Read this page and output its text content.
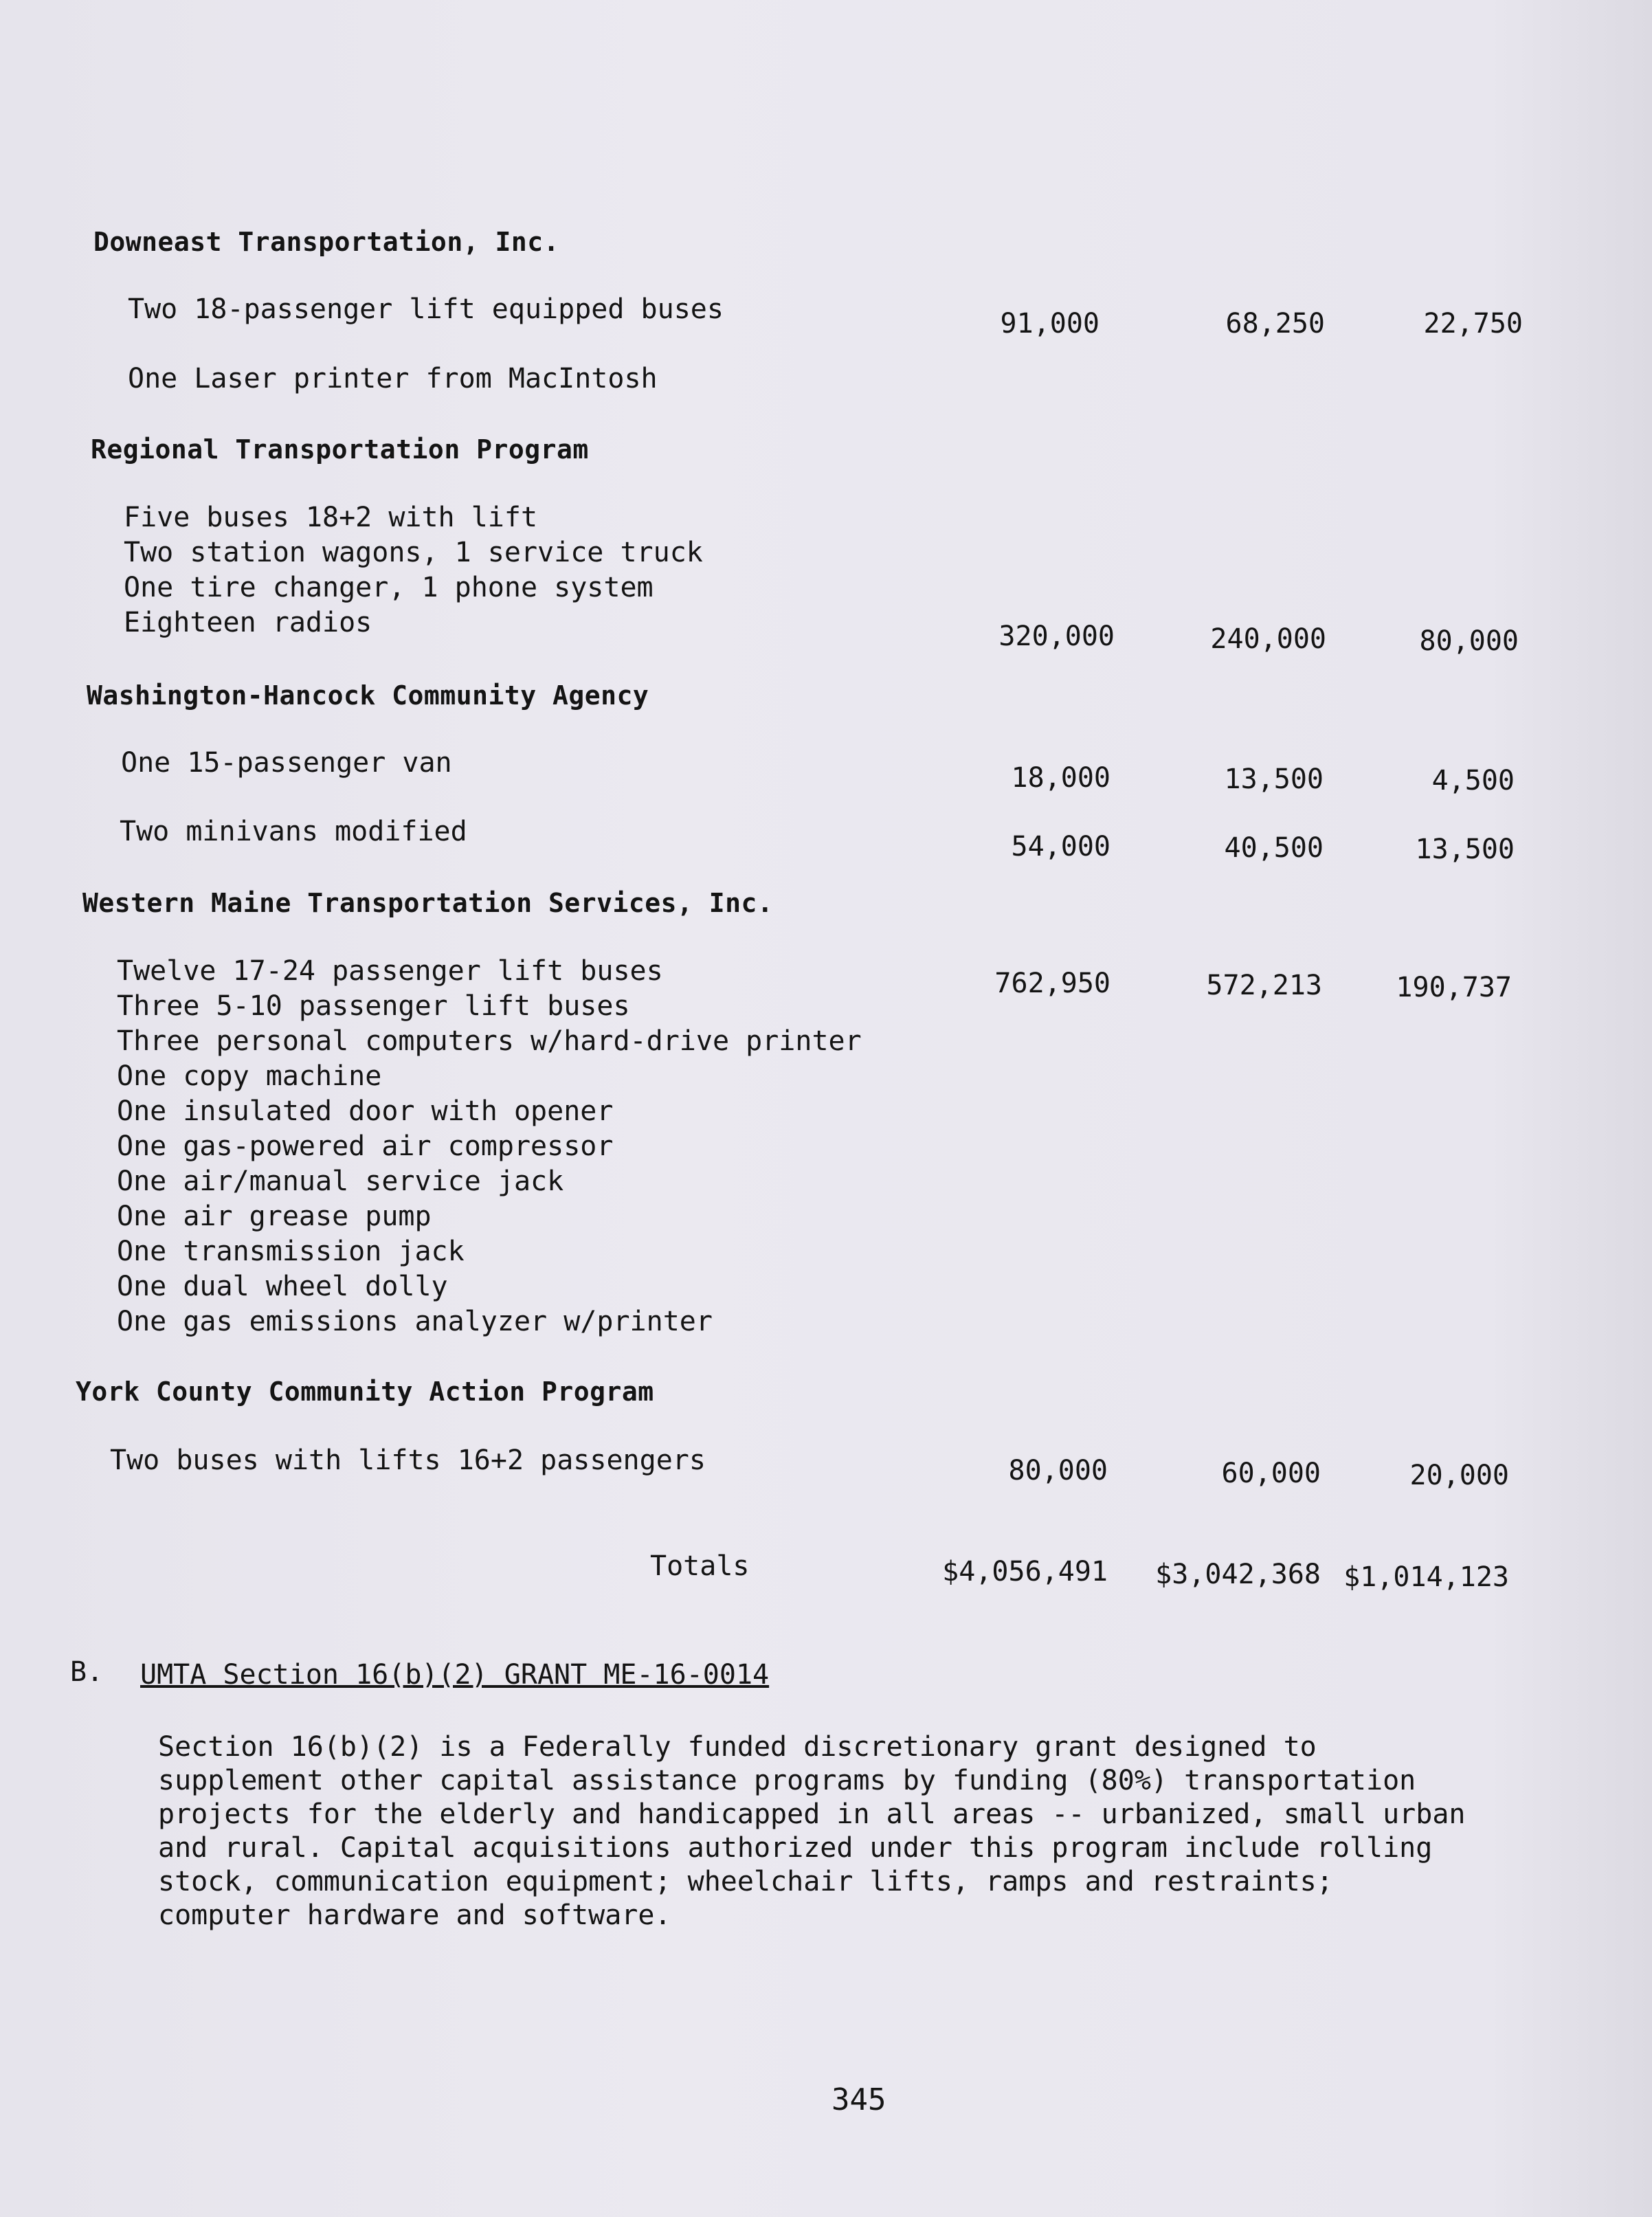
Downeast Transportation, Inc.
Two 18-passenger lift equipped buses	91,000	68,250	22,750
One Laser printer from MacIntosh
Regional Transportation Program
Five buses 18+2 with lift
Two station wagons, 1 service truck
One tire changer, 1 phone system
Eighteen radios	320,000	240,000	80,000
Washington-Hancock Community Agency
One 15-passenger van	18,000	13,500	4,500
Two minivans modified	54,000	40,500	13,500
Western Maine Transportation Services, Inc.
Twelve 17-24 passenger lift buses
Three 5-10 passenger lift buses
Three personal computers w/hard-drive printer
One copy machine
One insulated door with opener
One gas-powered air compressor
One air/manual service jack
One air grease pump
One transmission jack
One dual wheel dolly
One gas emissions analyzer w/printer
762,950	572,213	190,737
York County Community Action Program
Two buses with lifts 16+2 passengers	80,000	60,000	20,000
Totals	$4,056,491	$3,042,368 $1,014,123
B. UMTA Section 16(b)(2) GRANT ME-16-0014
Section 16(b)(2) is a Federally funded discretionary grant designed to
supplement other capital assistance programs by funding (80%) transportation
projects for the elderly and handicapped in all areas -- urbanized, small urban
and rural. Capital acquisitions authorized under this program include rolling
stock, communication equipment; wheelchair lifts, ramps and restraints;
computer hardware and software.
345
